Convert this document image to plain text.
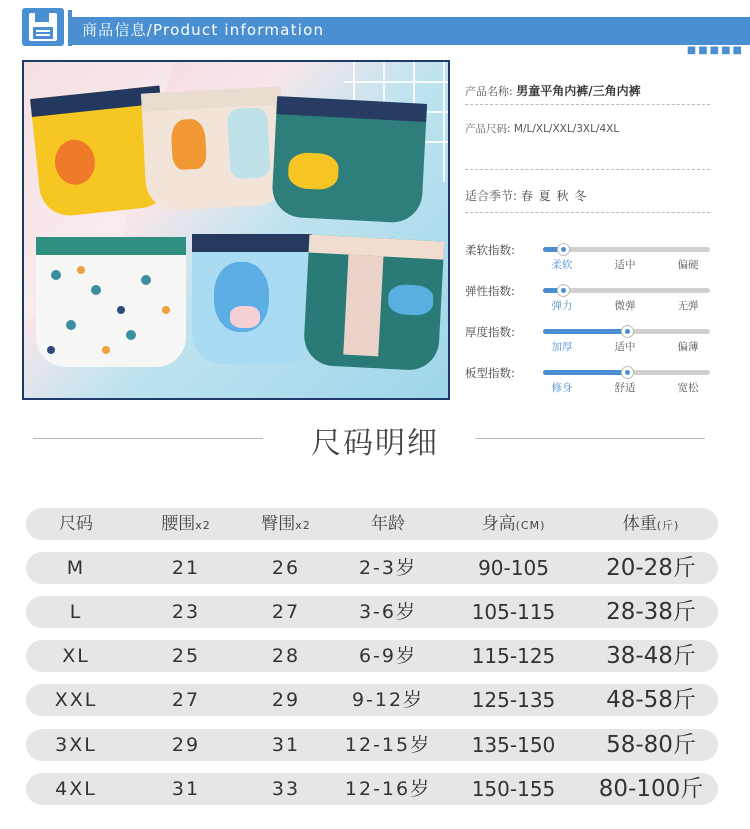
商品信息/Product information
■■■■■
产品名称: 男童平角内裤/三角内裤
产品尺码: M/L/XL/XXL/3XL/4XL
适合季节: 春 夏 秋 冬
柔软指数:
柔软	适中	偏硬
弹性指数:
弹力	微弹	无弹
厚度指数:
加厚	适中	偏薄
板型指数:
修身	舒适	宽松
尺码明细
尺码	腰围x2	臀围x2	年龄	身高(CM)	体重(斤)
M	21	26	2-3岁	90-105	20-28斤
L	23	27	3-6岁	105-115	28-38斤
XL	25	28	6-9岁	115-125	38-48斤
XXL	27	29	9-12岁	125-135	48-58斤
3XL	29	31	12-15岁	135-150	58-80斤
4XL	31	33	12-16岁	150-155	80-100斤
